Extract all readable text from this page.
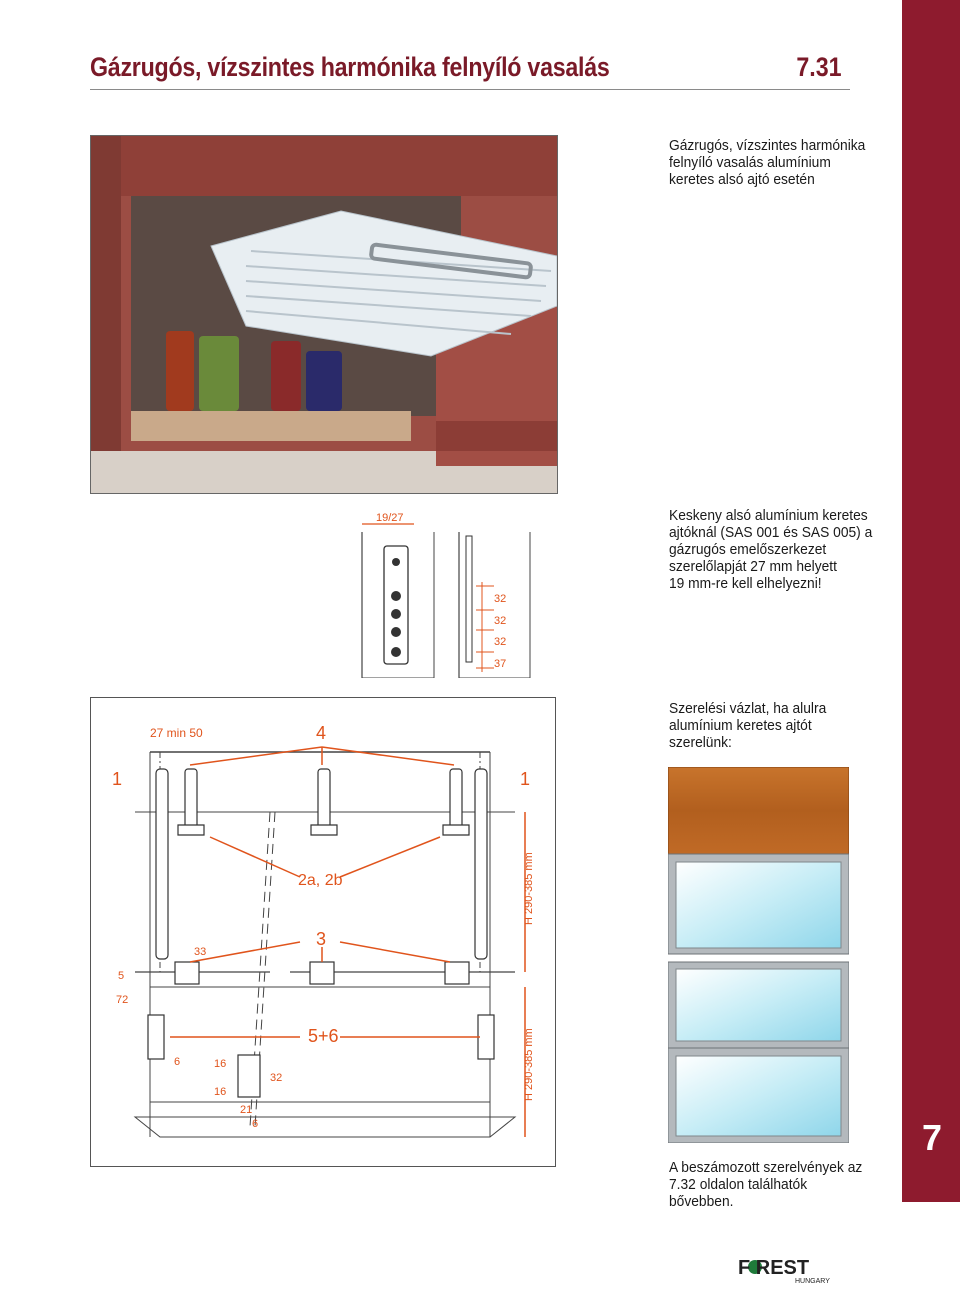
7
Gázrugós, vízszintes harmónika felnyíló vasalás	7.31
Gázrugós, vízszintes harmónika
felnyíló vasalás alumínium
keretes alsó ajtó esetén
19/27
32
32
32
37
Keskeny alsó alumínium keretes
ajtóknál (SAS 001 és SAS 005) a
gázrugós emelőszerkezet
szerelőlapját 27 mm helyett
19 mm-re kell elhelyezni!
27 min 50	4
1	1
2a, 2b
3
5+6
33
5
72
6	16
16
32
21
6
H 290-385 mm
H 290-385 mm
Szerelési vázlat, ha alulra
alumínium keretes ajtót
szerelünk:
A beszámozott szerelvények az
7.32 oldalon találhatók
bővebben.
F REST
HUNGARY
